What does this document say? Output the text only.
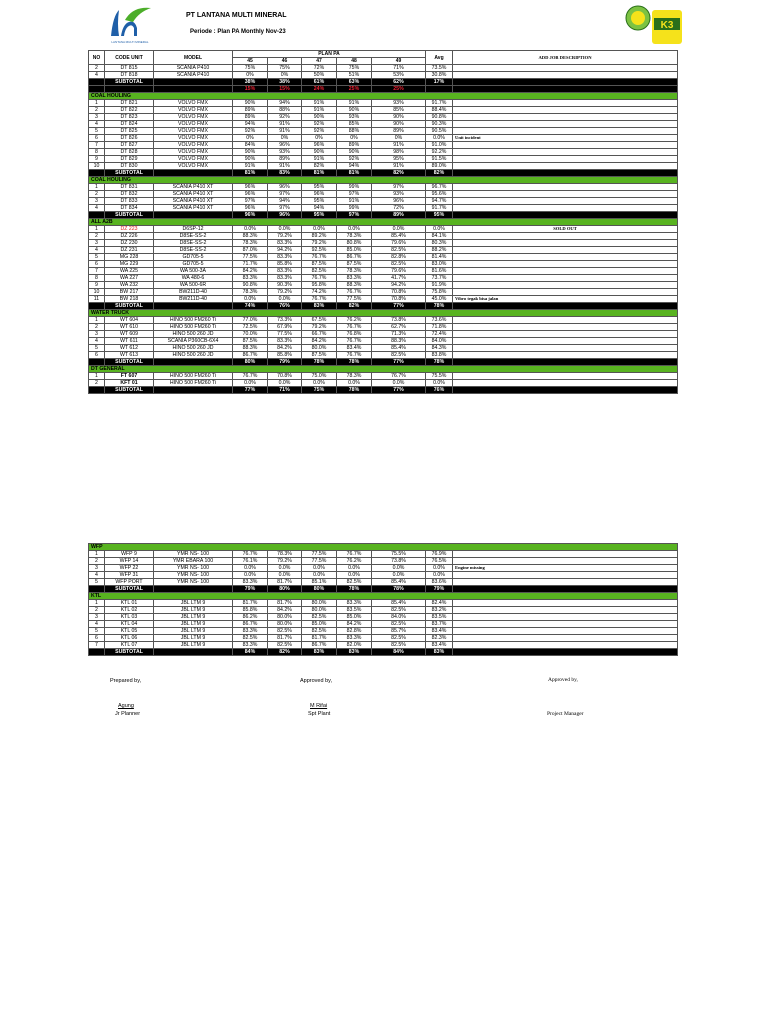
LANTANA MULTI MINERAL
PT LANTANA MULTI MINERAL
Periode : Plan PA Monthly Nov-23
K3
NO	CODE UNIT	MODEL	PLAN PA					Avg	ADD JOB DESCRIPTION
			45	46	47	48	49		
2	DT 815	SCANIA P410	75%	75%	72%	75%	71%	73.5%	
4	DT 818	SCANIA P410	0%	0%	50%	51%	53%	30.8%	
	SUBTOTAL		38%	38%	61%	63%	62%	17%	
			15%	15%	24%	25%	25%		
COAL HOULING									
1	DT 821	VOLVO FMX	90%	94%	91%	91%	93%	91.7%	
2	DT 822	VOLVO FMX	89%	88%	91%	90%	85%	88.4%	
3	DT 823	VOLVO FMX	89%	92%	90%	93%	90%	90.8%	
4	DT 824	VOLVO FMX	94%	91%	92%	85%	90%	90.3%	
5	DT 825	VOLVO FMX	92%	91%	92%	88%	89%	90.5%	
6	DT 826	VOLVO FMX	0%	0%	0%	0%	0%	0.0%	Unit incident
7	DT 827	VOLVO FMX	84%	96%	96%	89%	91%	91.0%	
8	DT 828	VOLVO FMX	90%	93%	90%	90%	98%	92.2%	
9	DT 829	VOLVO FMX	90%	89%	91%	92%	95%	91.5%	
10	DT 830	VOLVO FMX	91%	91%	82%	94%	91%	89.0%	
	SUBTOTAL		81%	83%	81%	81%	82%	82%	
COAL HOULING									
1	DT 831	SCANIA P410 XT	96%	96%	95%	99%	97%	96.7%	
2	DT 832	SCANIA P410 XT	96%	97%	96%	97%	93%	95.6%	
3	DT 833	SCANIA P410 XT	97%	94%	95%	91%	96%	94.7%	
4	DT 834	SCANIA P410 XT	96%	97%	94%	99%	72%	91.7%	
	SUBTOTAL		96%	96%	95%	97%	89%	95%	
ALL A2B									
1	DZ 223	D6SP-12	0.0%	0.0%	0.0%	0.0%	0.0%	0.0%	SOLD OUT
2	DZ 226	D8SE-SS-2	88.3%	79.2%	89.2%	78.3%	85.4%	84.1%	
3	DZ 230	D8SE-SS-2	78.3%	83.3%	79.2%	80.8%	79.6%	80.3%	
4	DZ 231	D8SE-SS-2	87.0%	94.2%	92.5%	85.0%	82.5%	88.2%	
5	MG 228	GD705-5	77.5%	83.3%	76.7%	86.7%	82.8%	81.4%	
6	MG 229	GD705-5	71.7%	85.8%	87.5%	87.5%	82.5%	83.0%	
7	WA 225	WA 500-3A	84.2%	83.3%	82.5%	78.3%	79.6%	81.6%	
8	WA 227	WA 480-6	83.3%	83.3%	76.7%	83.3%	41.7%	73.7%	
9	WA 232	WA 500-6R	90.8%	90.3%	95.8%	88.3%	94.2%	91.9%	
10	BW 217	BW211D-40	78.3%	79.2%	74.2%	76.7%	70.8%	75.8%	
11	BW 218	BW211D-40	0.0%	0.0%	76.7%	77.5%	70.8%	45.0%	Vibro tegak bisa jalan
	SUBTOTAL		74%	76%	83%	82%	77%	78%	
WATER TRUCK									
1	WT 604	HINO 500 FM260 Ti	77.0%	73.3%	67.5%	76.2%	73.8%	73.6%	
2	WT 610	HINO 500 FM260 Ti	72.5%	67.9%	79.2%	76.7%	62.7%	71.8%	
3	WT 609	HINO 500 260 JD	70.0%	77.5%	66.7%	76.8%	71.3%	72.4%	
4	WT 611	SCANIA P360CB-6X4	87.5%	83.3%	84.2%	76.7%	88.3%	84.0%	
5	WT 612	HINO 500 260 JD	88.3%	84.2%	80.0%	83.4%	85.4%	84.3%	
6	WT 613	HINO 500 260 JD	86.7%	85.8%	87.5%	76.7%	82.5%	83.8%	
	SUBTOTAL		80%	79%	78%	78%	77%	78%	
DT GENERAL									
1	FT 607	HINO 500 FM260 Ti	76.7%	70.8%	75.0%	78.3%	76.7%	75.5%	
2	KFT 01	HINO 500 FM260 Ti	0.0%	0.0%	0.0%	0.0%	0.0%	0.0%	
	SUBTOTAL		77%	71%	75%	78%	77%	76%	
WFP									
1	WFP 9	YMR NS- 100	76.7%	78.3%	77.5%	76.7%	75.5%	76.9%	
2	WFP 14	YMR EBARA 100	76.1%	79.2%	77.5%	76.2%	73.8%	76.5%	
3	WFP 22	YMR NS- 100	0.0%	0.0%	0.0%	0.0%	0.0%	0.0%	Engine missing
4	WFP 31	YMR NS- 100	0.0%	0.0%	0.0%	0.0%	0.0%	0.0%	
5	WFP PORT	YMR NS- 100	83.3%	81.7%	85.1%	82.5%	85.4%	83.6%	
	SUBTOTAL		79%	80%	80%	78%	78%	79%	
KTL									
1	KTL 01	JBL LTM 9	81.7%	81.7%	80.0%	83.3%	85.4%	82.4%	
2	KTL 02	JBL LTM 9	85.8%	84.2%	80.0%	83.5%	82.5%	83.2%	
3	KTL 03	JBL LTM 9	86.2%	80.0%	82.5%	85.0%	84.0%	83.5%	
4	KTL 04	JBL LTM 9	86.7%	80.0%	85.0%	84.2%	82.5%	83.7%	
5	KTL 05	JBL LTM 9	83.3%	82.5%	82.5%	82.8%	85.7%	83.4%	
6	KTL 06	JBL LTM 9	82.5%	81.7%	81.7%	83.3%	82.5%	82.3%	
7	KTL 07	JBL LTM 9	83.3%	82.5%	86.7%	82.0%	82.5%	83.4%	
	SUBTOTAL		84%	82%	83%	83%	84%	83%	
Prepared by,	Approved by,	Approved by,
Agung
Jr Planner
M Rifai
Spt Plant	Project Manager
